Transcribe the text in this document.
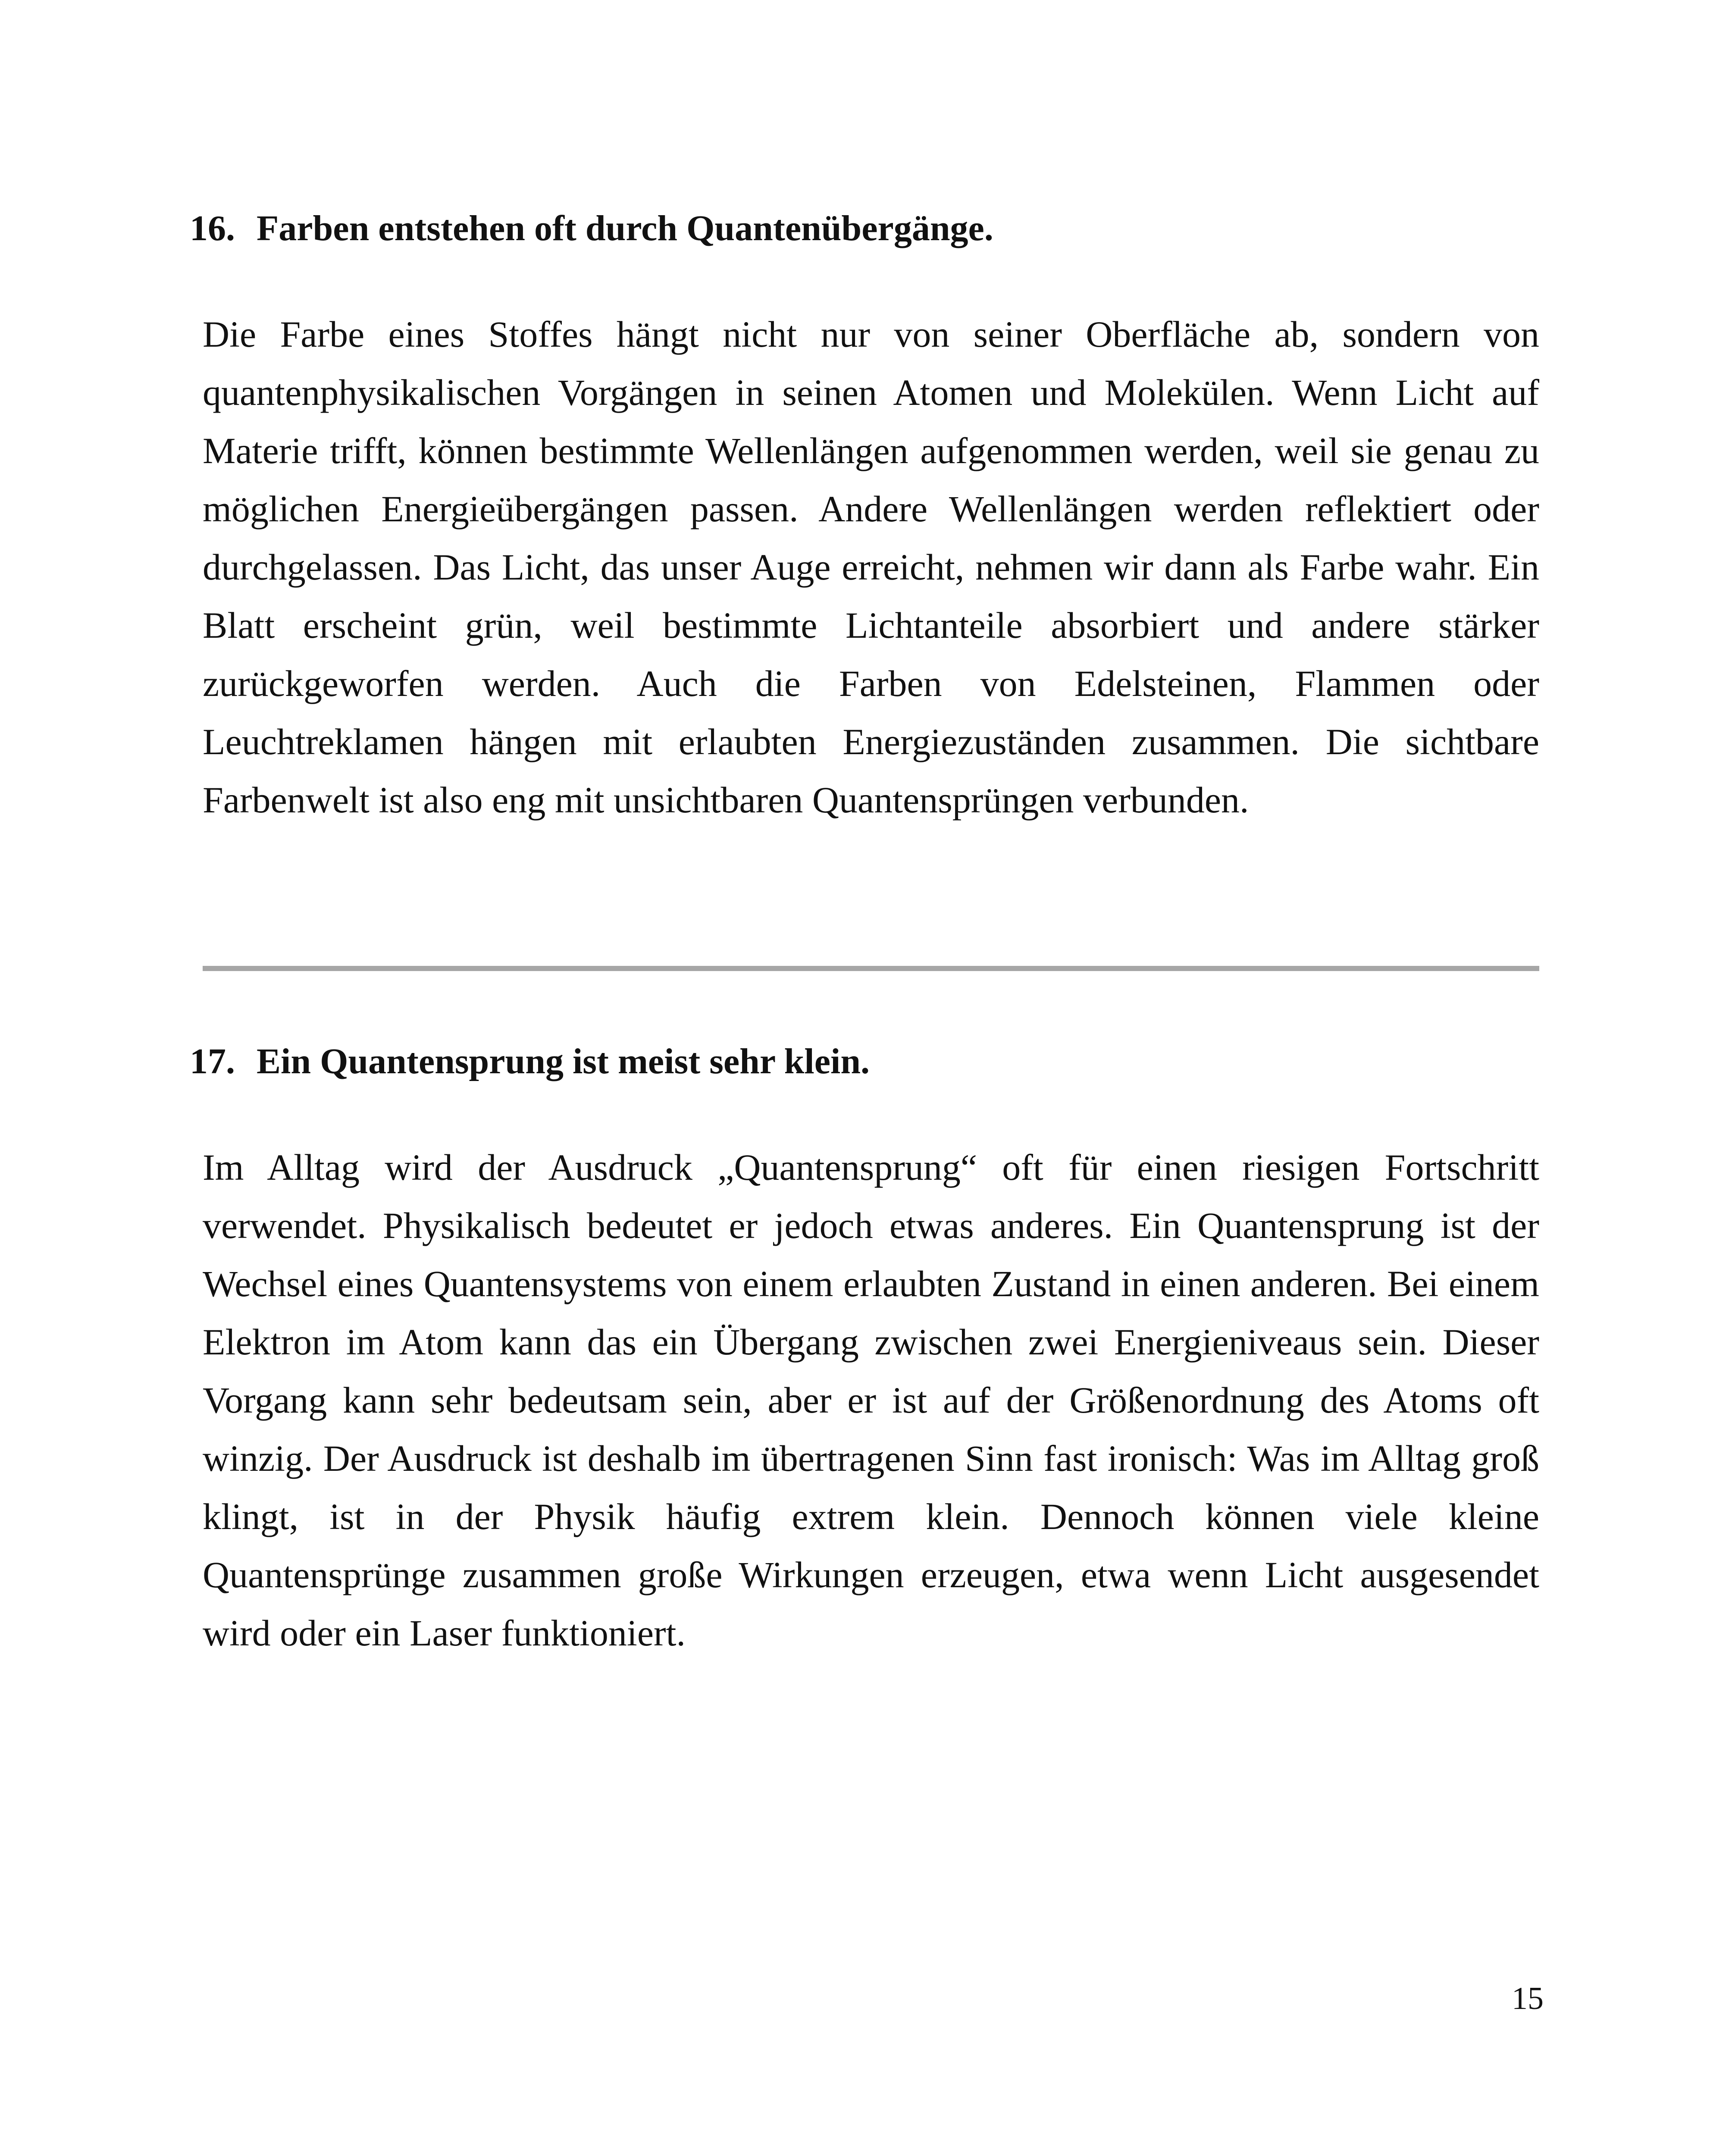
16. Farben entstehen oft durch Quantenübergänge.

Die Farbe eines Stoffes hängt nicht nur von seiner Oberfläche ab, sondern von quantenphysikalischen Vorgängen in seinen Atomen und Molekülen. Wenn Licht auf Materie trifft, können bestimmte Wellenlängen aufgenommen werden, weil sie genau zu möglichen Energieübergängen passen. Andere Wellenlängen werden reflektiert oder durchgelassen. Das Licht, das unser Auge erreicht, nehmen wir dann als Farbe wahr. Ein Blatt erscheint grün, weil bestimmte Lichtanteile absorbiert und andere stärker zurückgeworfen werden. Auch die Farben von Edelsteinen, Flammen oder Leuchtreklamen hängen mit erlaubten Energiezuständen zusammen. Die sichtbare Farbenwelt ist also eng mit unsichtbaren Quantensprüngen verbunden.

17. Ein Quantensprung ist meist sehr klein.

Im Alltag wird der Ausdruck „Quantensprung“ oft für einen riesigen Fortschritt verwendet. Physikalisch bedeutet er jedoch etwas anderes. Ein Quantensprung ist der Wechsel eines Quantensystems von einem erlaubten Zustand in einen anderen. Bei einem Elektron im Atom kann das ein Übergang zwischen zwei Energieniveaus sein. Dieser Vorgang kann sehr bedeutsam sein, aber er ist auf der Größenordnung des Atoms oft winzig. Der Ausdruck ist deshalb im übertragenen Sinn fast ironisch: Was im Alltag groß klingt, ist in der Physik häufig extrem klein. Dennoch können viele kleine Quantensprünge zusammen große Wirkungen erzeugen, etwa wenn Licht ausgesendet wird oder ein Laser funktioniert.

15
